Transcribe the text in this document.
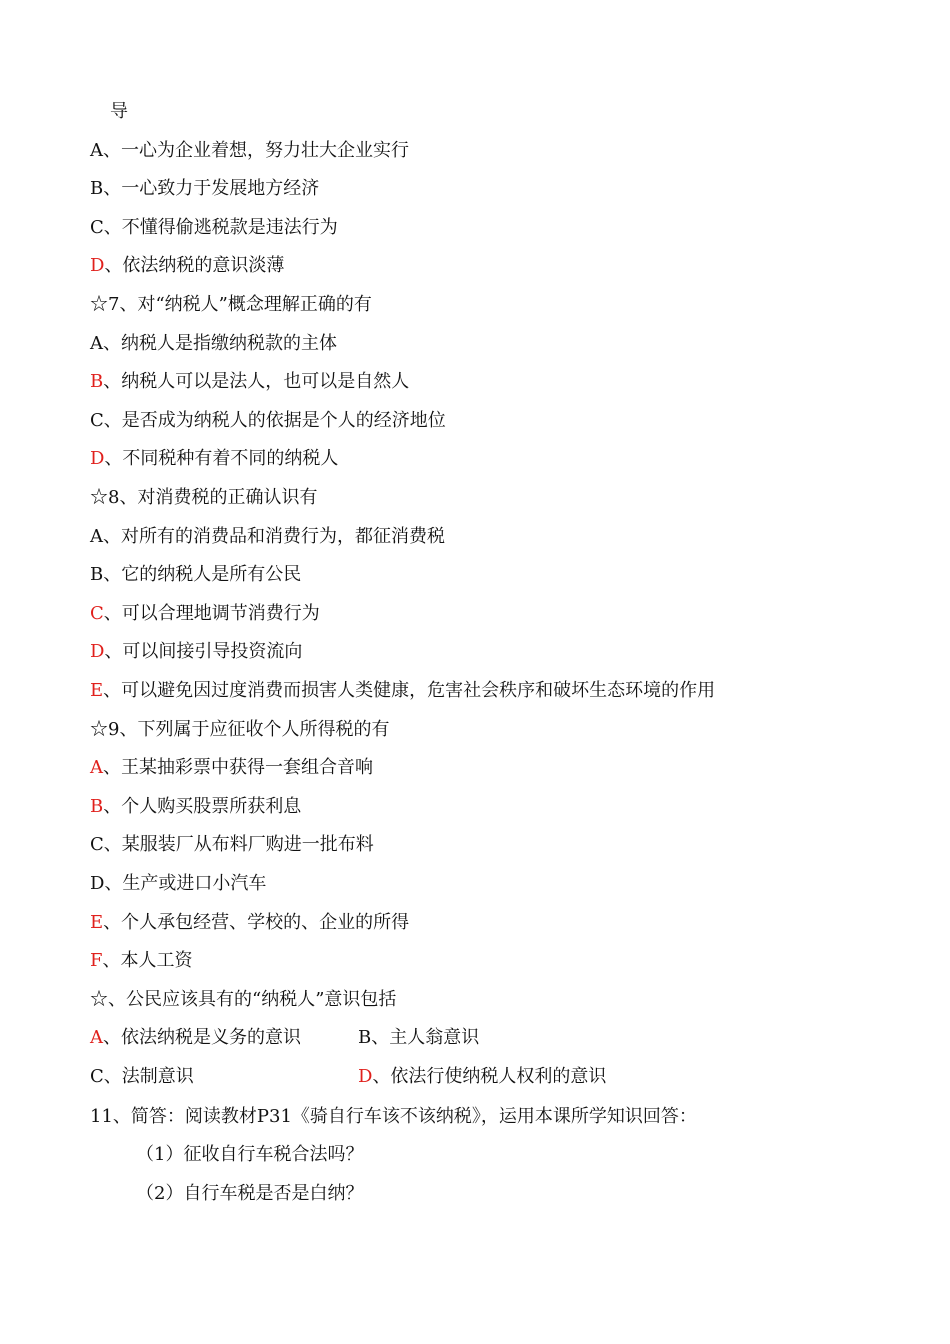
导
A、一心为企业着想，努力壮大企业实行
B、一心致力于发展地方经济
C、不懂得偷逃税款是违法行为
D、依法纳税的意识淡薄
☆7、对“纳税人”概念理解正确的有
A、纳税人是指缴纳税款的主体
B、纳税人可以是法人，也可以是自然人
C、是否成为纳税人的依据是个人的经济地位
D、不同税种有着不同的纳税人
☆8、对消费税的正确认识有
A、对所有的消费品和消费行为，都征消费税
B、它的纳税人是所有公民
C、可以合理地调节消费行为
D、可以间接引导投资流向
E、可以避免因过度消费而损害人类健康，危害社会秩序和破坏生态环境的作用
☆9、下列属于应征收个人所得税的有
A、王某抽彩票中获得一套组合音响
B、个人购买股票所获利息
C、某服装厂从布料厂购进一批布料
D、生产或进口小汽车
E、个人承包经营、学校的、企业的所得
F、本人工资
☆、公民应该具有的“纳税人”意识包括
A、依法纳税是义务的意识	B、主人翁意识
C、法制意识	D、依法行使纳税人权利的意识
11、简答：阅读教材P31《骑自行车该不该纳税》，运用本课所学知识回答：
（1）征收自行车税合法吗？
（2）自行车税是否是白纳？
